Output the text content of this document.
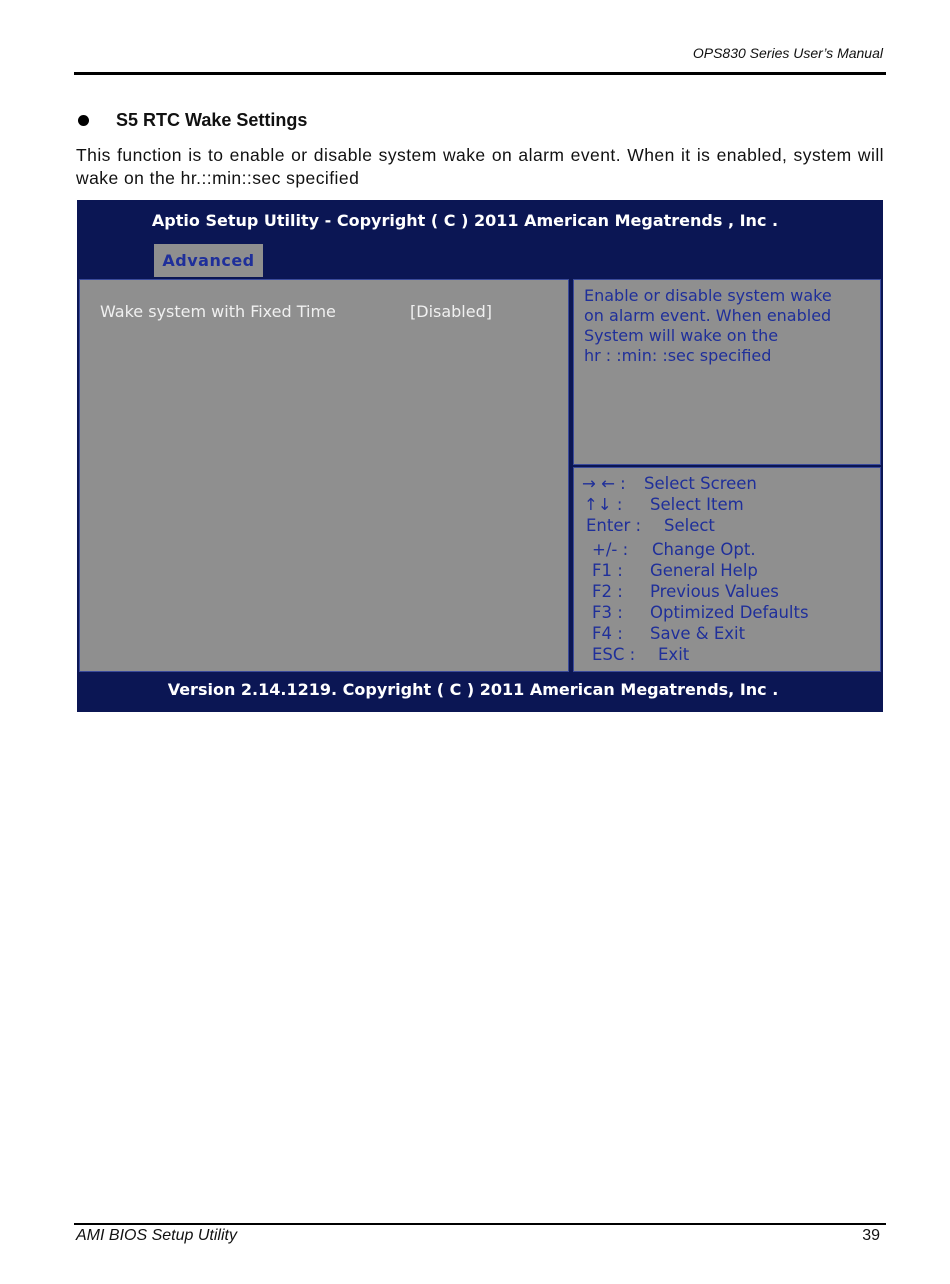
OPS830 Series User’s Manual
S5 RTC Wake Settings
This function is to enable or disable system wake on alarm event. When it is enabled, system will wake on the hr.::min::sec specified
Aptio Setup Utility - Copyright ( C ) 2011 American Megatrends , Inc .
Advanced
Wake system with Fixed Time	[Disabled]
Enable or disable system wake
on alarm event. When enabled
System will wake on the
hr : :min: :sec specified
→ ← : Select Screen
↑↓ : Select Item
Enter : Select
+/- : Change Opt.
F1 : General Help
F2 : Previous Values
F3 : Optimized Defaults
F4 : Save & Exit
ESC : Exit
Version 2.14.1219. Copyright ( C ) 2011 American Megatrends, Inc .
AMI BIOS Setup Utility	39
